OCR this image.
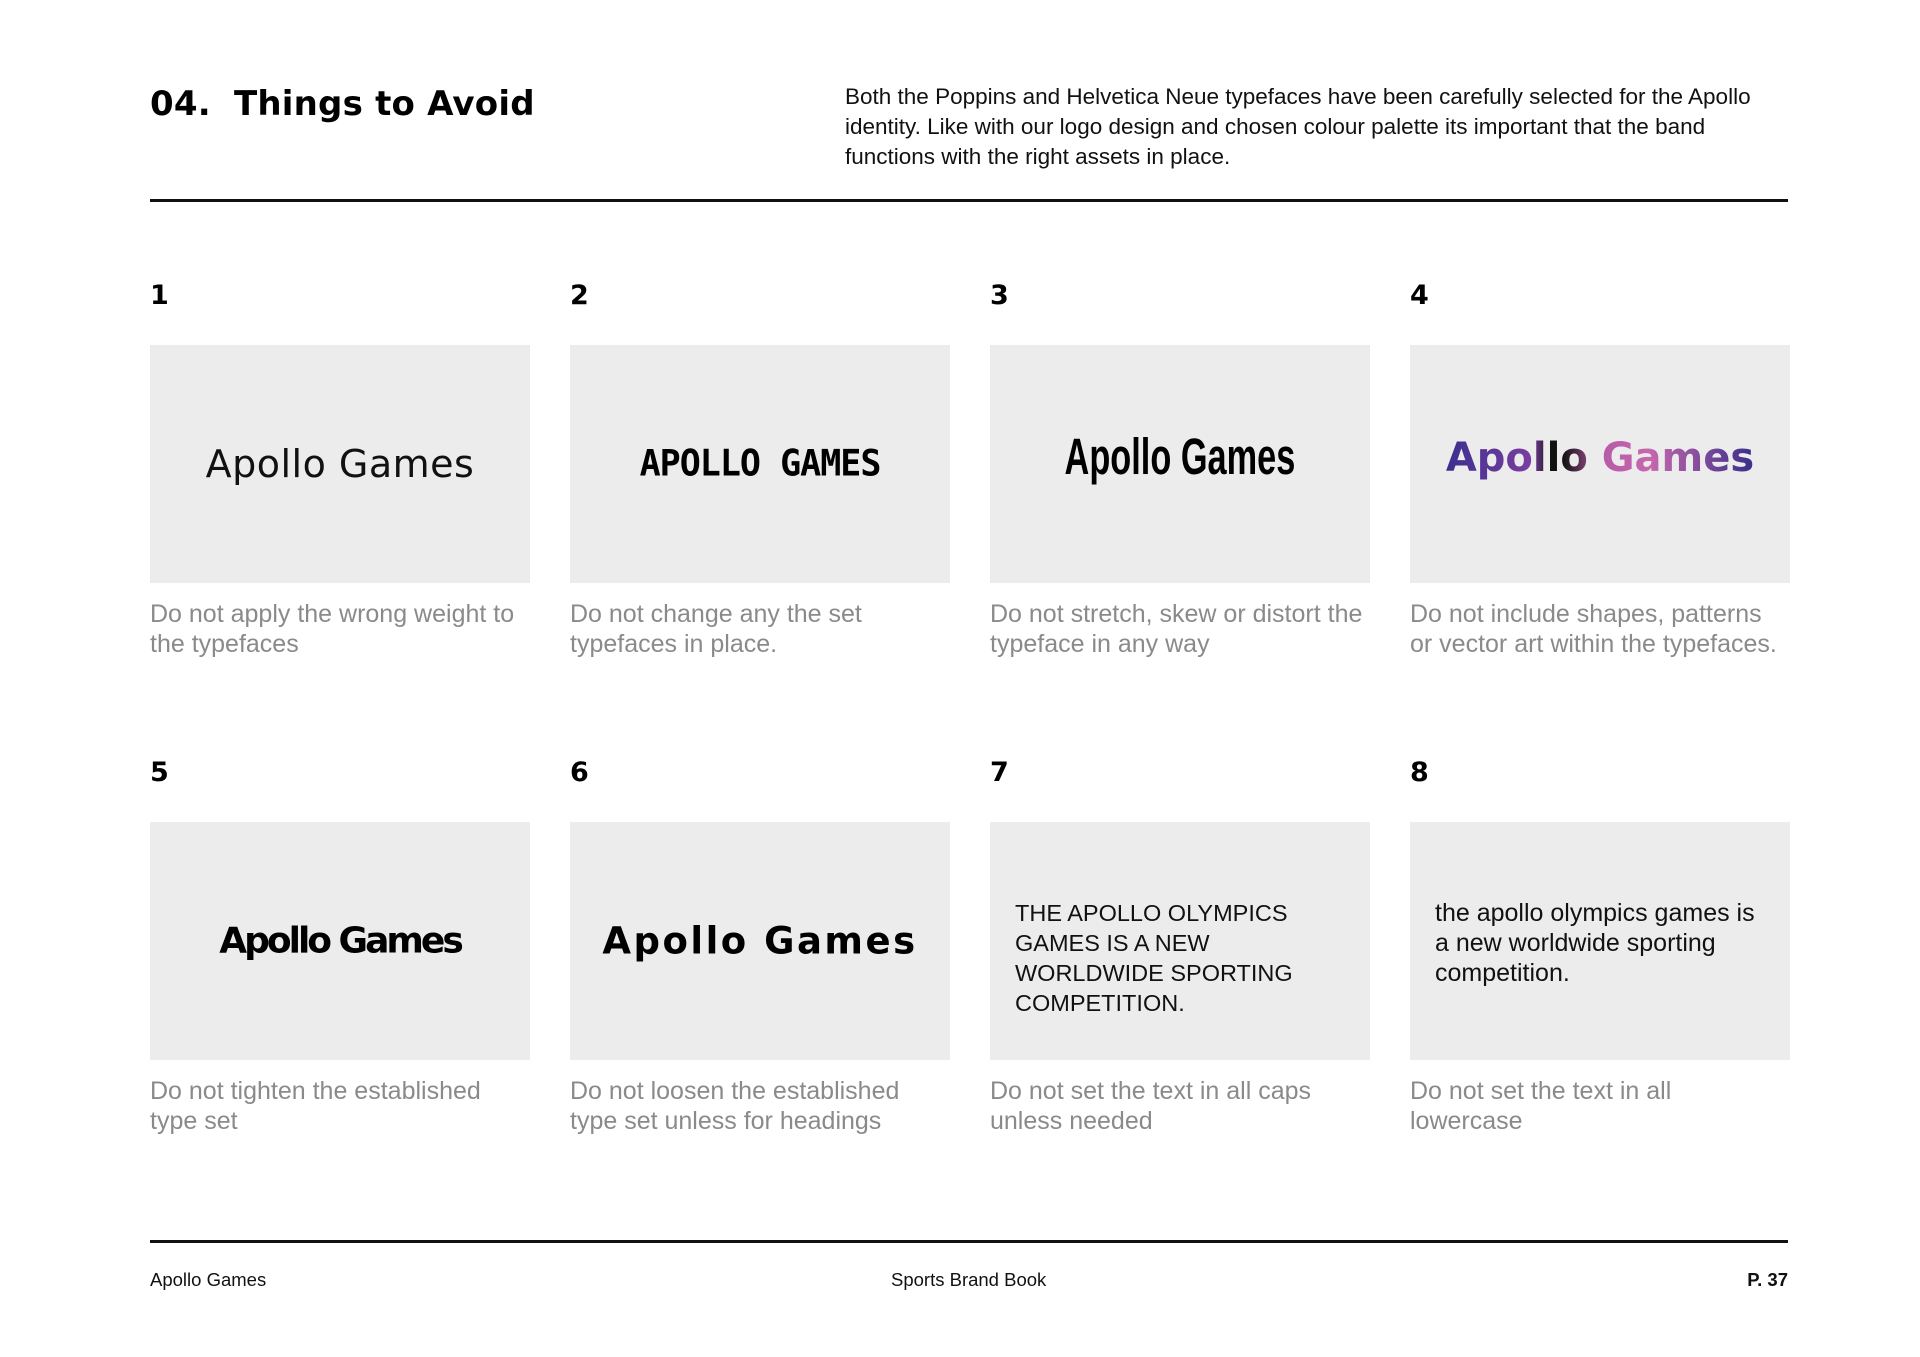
04. Things to Avoid	Both the Poppins and Helvetica Neue typefaces have been carefully selected for the Apollo identity. Like with our logo design and chosen colour palette its important that the band functions with the right assets in place.
1
Apollo Games
Do not apply the wrong weight to the typefaces
2
APOLLO GAMES
Do not change any the set typefaces in place.
3
Apollo Games
Do not stretch, skew or distort the typeface in any way
4
Apollo Games
Do not include shapes, patterns or vector art within the typefaces.
5
Apollo Games
Do not tighten the established type set
6
Apollo Games
Do not loosen the established type set unless for headings
7
THE APOLLO OLYMPICS GAMES IS A NEW WORLDWIDE SPORTING COMPETITION.
Do not set the text in all caps unless needed
8
the apollo olympics games is a new worldwide sporting competition.
Do not set the text in all lowercase
Apollo Games	Sports Brand Book	P. 37
